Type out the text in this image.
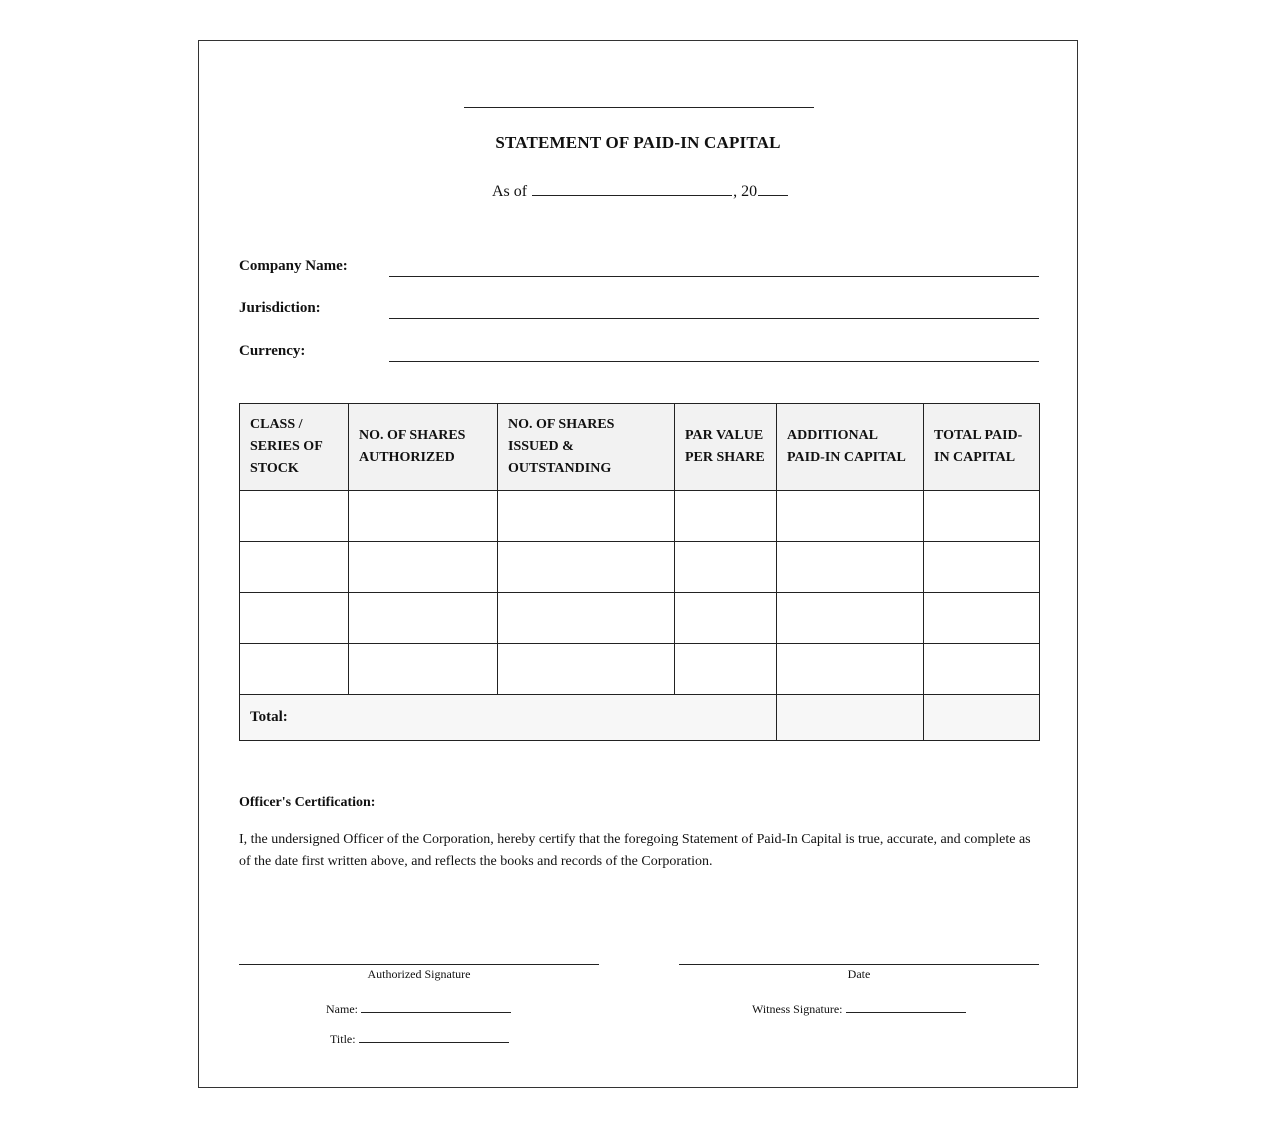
STATEMENT OF PAID-IN CAPITAL
As of	, 20
Company Name:
Jurisdiction:
Currency:
CLASS / SERIES OF STOCK	NO. OF SHARES AUTHORIZED	NO. OF SHARES ISSUED & OUTSTANDING	PAR VALUE PER SHARE	ADDITIONAL PAID-IN CAPITAL	TOTAL PAID-IN CAPITAL

Total:					
Officer's Certification:
I, the undersigned Officer of the Corporation, hereby certify that the foregoing Statement of Paid-In Capital is true, accurate, and complete as of the date first written above, and reflects the books and records of the Corporation.
Authorized Signature	Date
Name:
Title:
Witness Signature:
